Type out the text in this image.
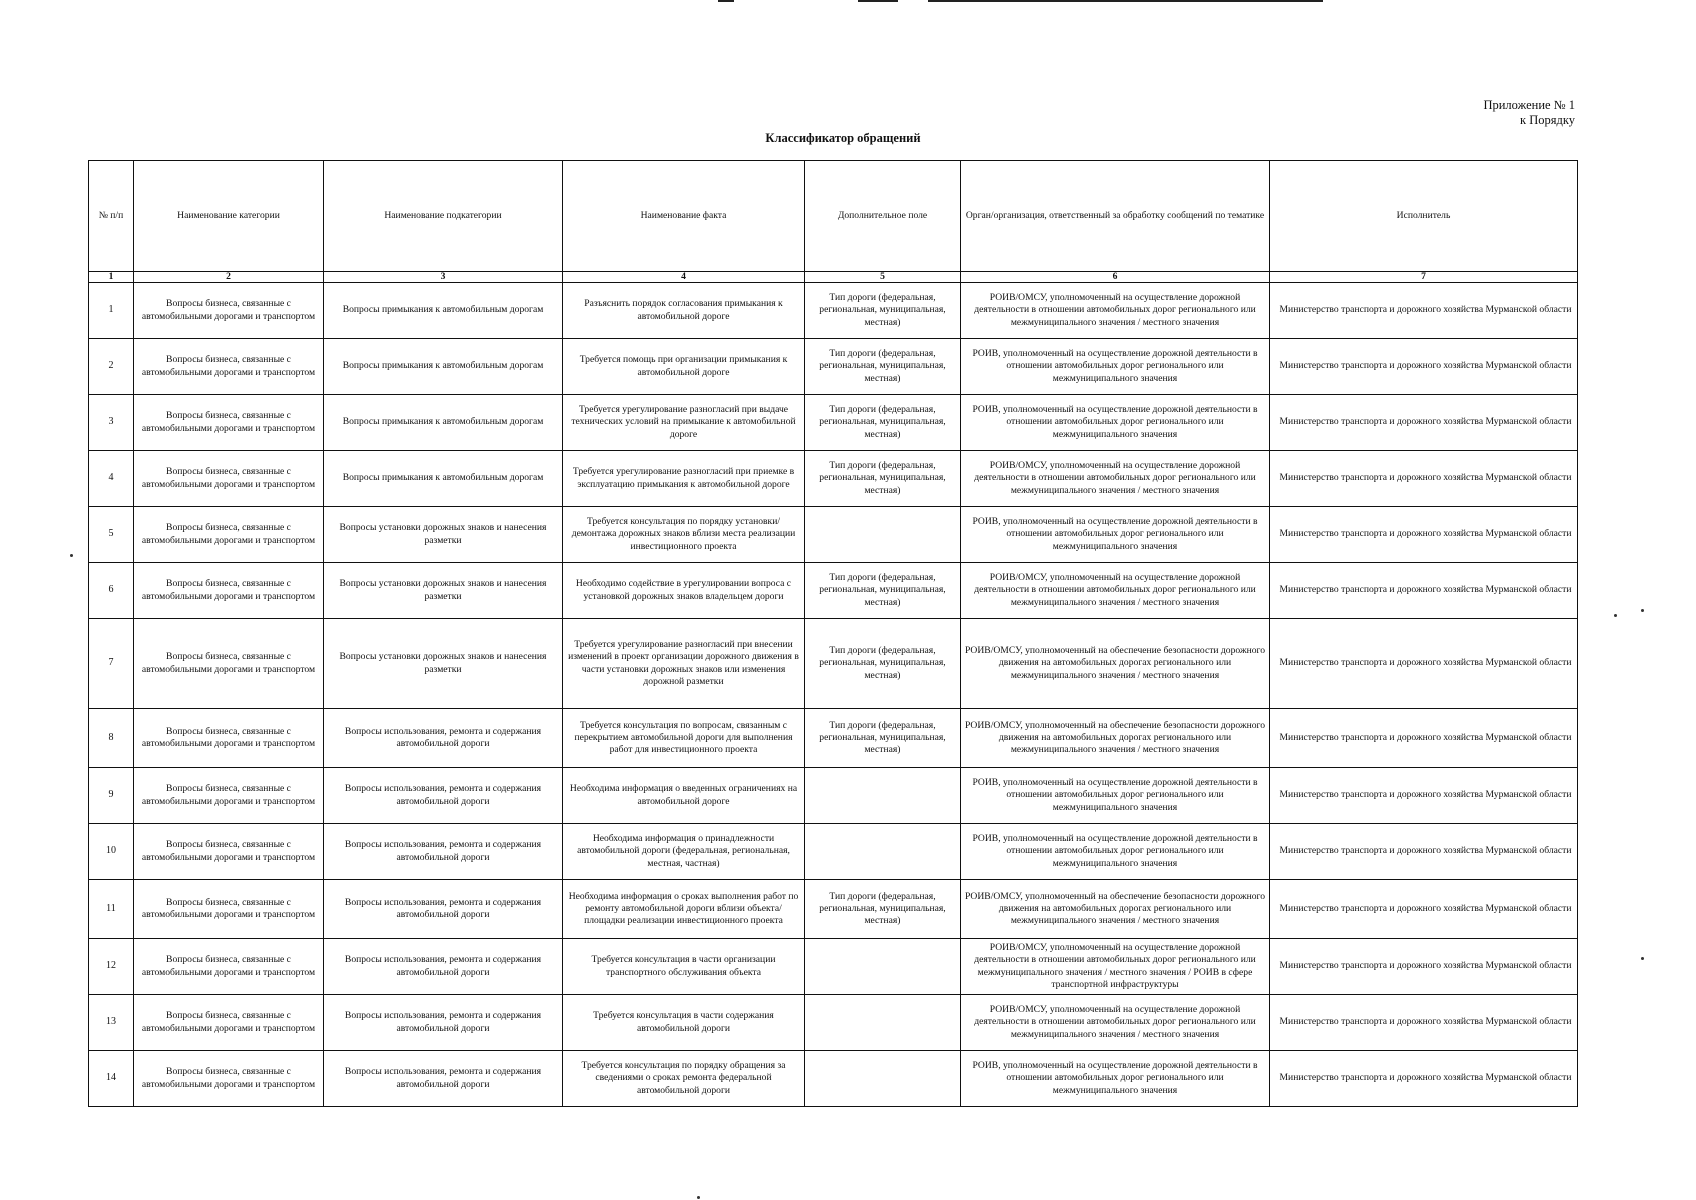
Приложение № 1
к Порядку
Классификатор обращений
№ п/п	Наименование категории	Наименование подкатегории	Наименование факта	Дополнительное поле	Орган/организация, ответственный за обработку сообщений по тематике	Исполнитель
1	2	3	4	5	6	7
1	Вопросы бизнеса, связанные с автомобильными дорогами и транспортом	Вопросы примыкания к автомобильным дорогам	Разъяснить порядок согласования примыкания к автомобильной дороге	Тип дороги (федеральная, региональная, муниципальная, местная)	РОИВ/ОМСУ, уполномоченный на осуществление дорожной деятельности в отношении автомобильных дорог регионального или межмуниципального значения / местного значения	Министерство транспорта и дорожного хозяйства Мурманской области
2	Вопросы бизнеса, связанные с автомобильными дорогами и транспортом	Вопросы примыкания к автомобильным дорогам	Требуется помощь при организации примыкания к автомобильной дороге	Тип дороги (федеральная, региональная, муниципальная, местная)	РОИВ, уполномоченный на осуществление дорожной деятельности в отношении автомобильных дорог регионального или межмуниципального значения	Министерство транспорта и дорожного хозяйства Мурманской области
3	Вопросы бизнеса, связанные с автомобильными дорогами и транспортом	Вопросы примыкания к автомобильным дорогам	Требуется урегулирование разногласий при выдаче технических условий на примыкание к автомобильной дороге	Тип дороги (федеральная, региональная, муниципальная, местная)	РОИВ, уполномоченный на осуществление дорожной деятельности в отношении автомобильных дорог регионального или межмуниципального значения	Министерство транспорта и дорожного хозяйства Мурманской области
4	Вопросы бизнеса, связанные с автомобильными дорогами и транспортом	Вопросы примыкания к автомобильным дорогам	Требуется урегулирование разногласий при приемке в эксплуатацию примыкания к автомобильной дороге	Тип дороги (федеральная, региональная, муниципальная, местная)	РОИВ/ОМСУ, уполномоченный на осуществление дорожной деятельности в отношении автомобильных дорог регионального или межмуниципального значения / местного значения	Министерство транспорта и дорожного хозяйства Мурманской области
5	Вопросы бизнеса, связанные с автомобильными дорогами и транспортом	Вопросы установки дорожных знаков и нанесения разметки	Требуется консультация по порядку установки/демонтажа дорожных знаков вблизи места реализации инвестиционного проекта		РОИВ, уполномоченный на осуществление дорожной деятельности в отношении автомобильных дорог регионального или межмуниципального значения	Министерство транспорта и дорожного хозяйства Мурманской области
6	Вопросы бизнеса, связанные с автомобильными дорогами и транспортом	Вопросы установки дорожных знаков и нанесения разметки	Необходимо содействие в урегулировании вопроса с установкой дорожных знаков владельцем дороги	Тип дороги (федеральная, региональная, муниципальная, местная)	РОИВ/ОМСУ, уполномоченный на осуществление дорожной деятельности в отношении автомобильных дорог регионального или межмуниципального значения / местного значения	Министерство транспорта и дорожного хозяйства Мурманской области
7	Вопросы бизнеса, связанные с автомобильными дорогами и транспортом	Вопросы установки дорожных знаков и нанесения разметки	Требуется урегулирование разногласий при внесении изменений в проект организации дорожного движения в части установки дорожных знаков или изменения дорожной разметки	Тип дороги (федеральная, региональная, муниципальная, местная)	РОИВ/ОМСУ, уполномоченный на обеспечение безопасности дорожного движения на автомобильных дорогах регионального или межмуниципального значения / местного значения	Министерство транспорта и дорожного хозяйства Мурманской области
8	Вопросы бизнеса, связанные с автомобильными дорогами и транспортом	Вопросы использования, ремонта и содержания автомобильной дороги	Требуется консультация по вопросам, связанным с перекрытием автомобильной дороги для выполнения работ для инвестиционного проекта	Тип дороги (федеральная, региональная, муниципальная, местная)	РОИВ/ОМСУ, уполномоченный на обеспечение безопасности дорожного движения на автомобильных дорогах регионального или межмуниципального значения / местного значения	Министерство транспорта и дорожного хозяйства Мурманской области
9	Вопросы бизнеса, связанные с автомобильными дорогами и транспортом	Вопросы использования, ремонта и содержания автомобильной дороги	Необходима информация о введенных ограничениях на автомобильной дороге		РОИВ, уполномоченный на осуществление дорожной деятельности в отношении автомобильных дорог регионального или межмуниципального значения	Министерство транспорта и дорожного хозяйства Мурманской области
10	Вопросы бизнеса, связанные с автомобильными дорогами и транспортом	Вопросы использования, ремонта и содержания автомобильной дороги	Необходима информация о принадлежности автомобильной дороги (федеральная, региональная, местная, частная)		РОИВ, уполномоченный на осуществление дорожной деятельности в отношении автомобильных дорог регионального или межмуниципального значения	Министерство транспорта и дорожного хозяйства Мурманской области
11	Вопросы бизнеса, связанные с автомобильными дорогами и транспортом	Вопросы использования, ремонта и содержания автомобильной дороги	Необходима информация о сроках выполнения работ по ремонту автомобильной дороги вблизи объекта/площадки реализации инвестиционного проекта	Тип дороги (федеральная, региональная, муниципальная, местная)	РОИВ/ОМСУ, уполномоченный на обеспечение безопасности дорожного движения на автомобильных дорогах регионального или межмуниципального значения / местного значения	Министерство транспорта и дорожного хозяйства Мурманской области
12	Вопросы бизнеса, связанные с автомобильными дорогами и транспортом	Вопросы использования, ремонта и содержания автомобильной дороги	Требуется консультация в части организации транспортного обслуживания объекта		РОИВ/ОМСУ, уполномоченный на осуществление дорожной деятельности в отношении автомобильных дорог регионального или межмуниципального значения / местного значения / РОИВ в сфере транспортной инфраструктуры	Министерство транспорта и дорожного хозяйства Мурманской области
13	Вопросы бизнеса, связанные с автомобильными дорогами и транспортом	Вопросы использования, ремонта и содержания автомобильной дороги	Требуется консультация в части содержания автомобильной дороги		РОИВ/ОМСУ, уполномоченный на осуществление дорожной деятельности в отношении автомобильных дорог регионального или межмуниципального значения / местного значения	Министерство транспорта и дорожного хозяйства Мурманской области
14	Вопросы бизнеса, связанные с автомобильными дорогами и транспортом	Вопросы использования, ремонта и содержания автомобильной дороги	Требуется консультация по порядку обращения за сведениями о сроках ремонта федеральной автомобильной дороги		РОИВ, уполномоченный на осуществление дорожной деятельности в отношении автомобильных дорог регионального или межмуниципального значения	Министерство транспорта и дорожного хозяйства Мурманской области
